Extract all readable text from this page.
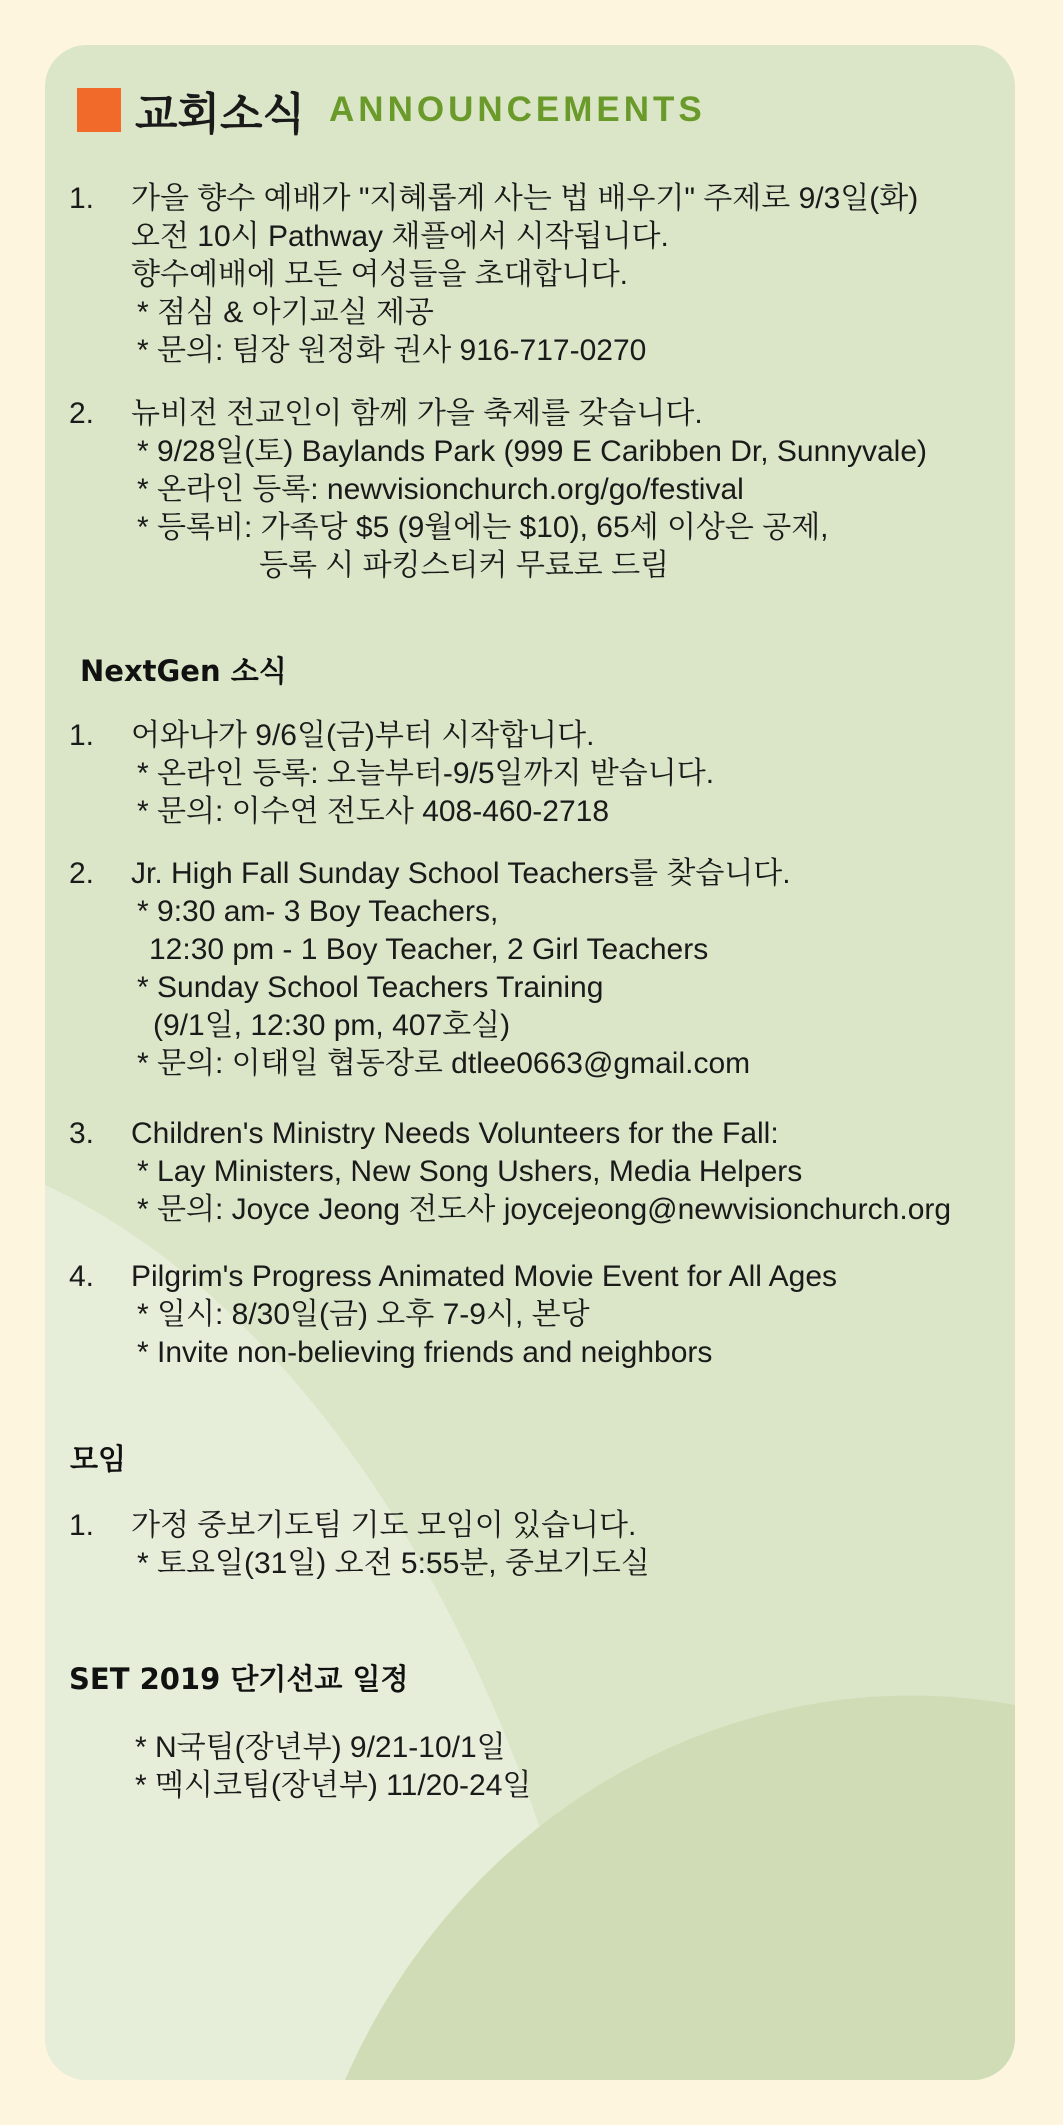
교회소식 ANNOUNCEMENTS
1.	가을 향수 예배가 "지혜롭게 사는 법 배우기" 주제로 9/3일(화)
오전 10시 Pathway 채플에서 시작됩니다.
향수예배에 모든 여성들을 초대합니다.
* 점심 & 아기교실 제공
* 문의: 팀장 원정화 권사 916-717-0270
2.	뉴비전 전교인이 함께 가을 축제를 갖습니다.
* 9/28일(토) Baylands Park (999 E Caribben Dr, Sunnyvale)
* 온라인 등록: newvisionchurch.org/go/festival
* 등록비: 가족당 $5 (9월에는 $10), 65세 이상은 공제,
등록 시 파킹스티커 무료로 드림
NextGen 소식
1.	어와나가 9/6일(금)부터 시작합니다.
* 온라인 등록: 오늘부터-9/5일까지 받습니다.
* 문의: 이수연 전도사 408-460-2718
2.	Jr. High Fall Sunday School Teachers를 찾습니다.
* 9:30 am- 3 Boy Teachers,
12:30 pm - 1 Boy Teacher, 2 Girl Teachers
* Sunday School Teachers Training
(9/1일, 12:30 pm, 407호실)
* 문의: 이태일 협동장로 dtlee0663@gmail.com
3.	Children's Ministry Needs Volunteers for the Fall:
* Lay Ministers, New Song Ushers, Media Helpers
* 문의: Joyce Jeong 전도사 joycejeong@newvisionchurch.org
4.	Pilgrim's Progress Animated Movie Event for All Ages
* 일시: 8/30일(금) 오후 7-9시, 본당
* Invite non-believing friends and neighbors
모임
1.	가정 중보기도팀 기도 모임이 있습니다.
* 토요일(31일) 오전 5:55분, 중보기도실
SET 2019 단기선교 일정
* N국팀(장년부) 9/21-10/1일
* 멕시코팀(장년부) 11/20-24일
